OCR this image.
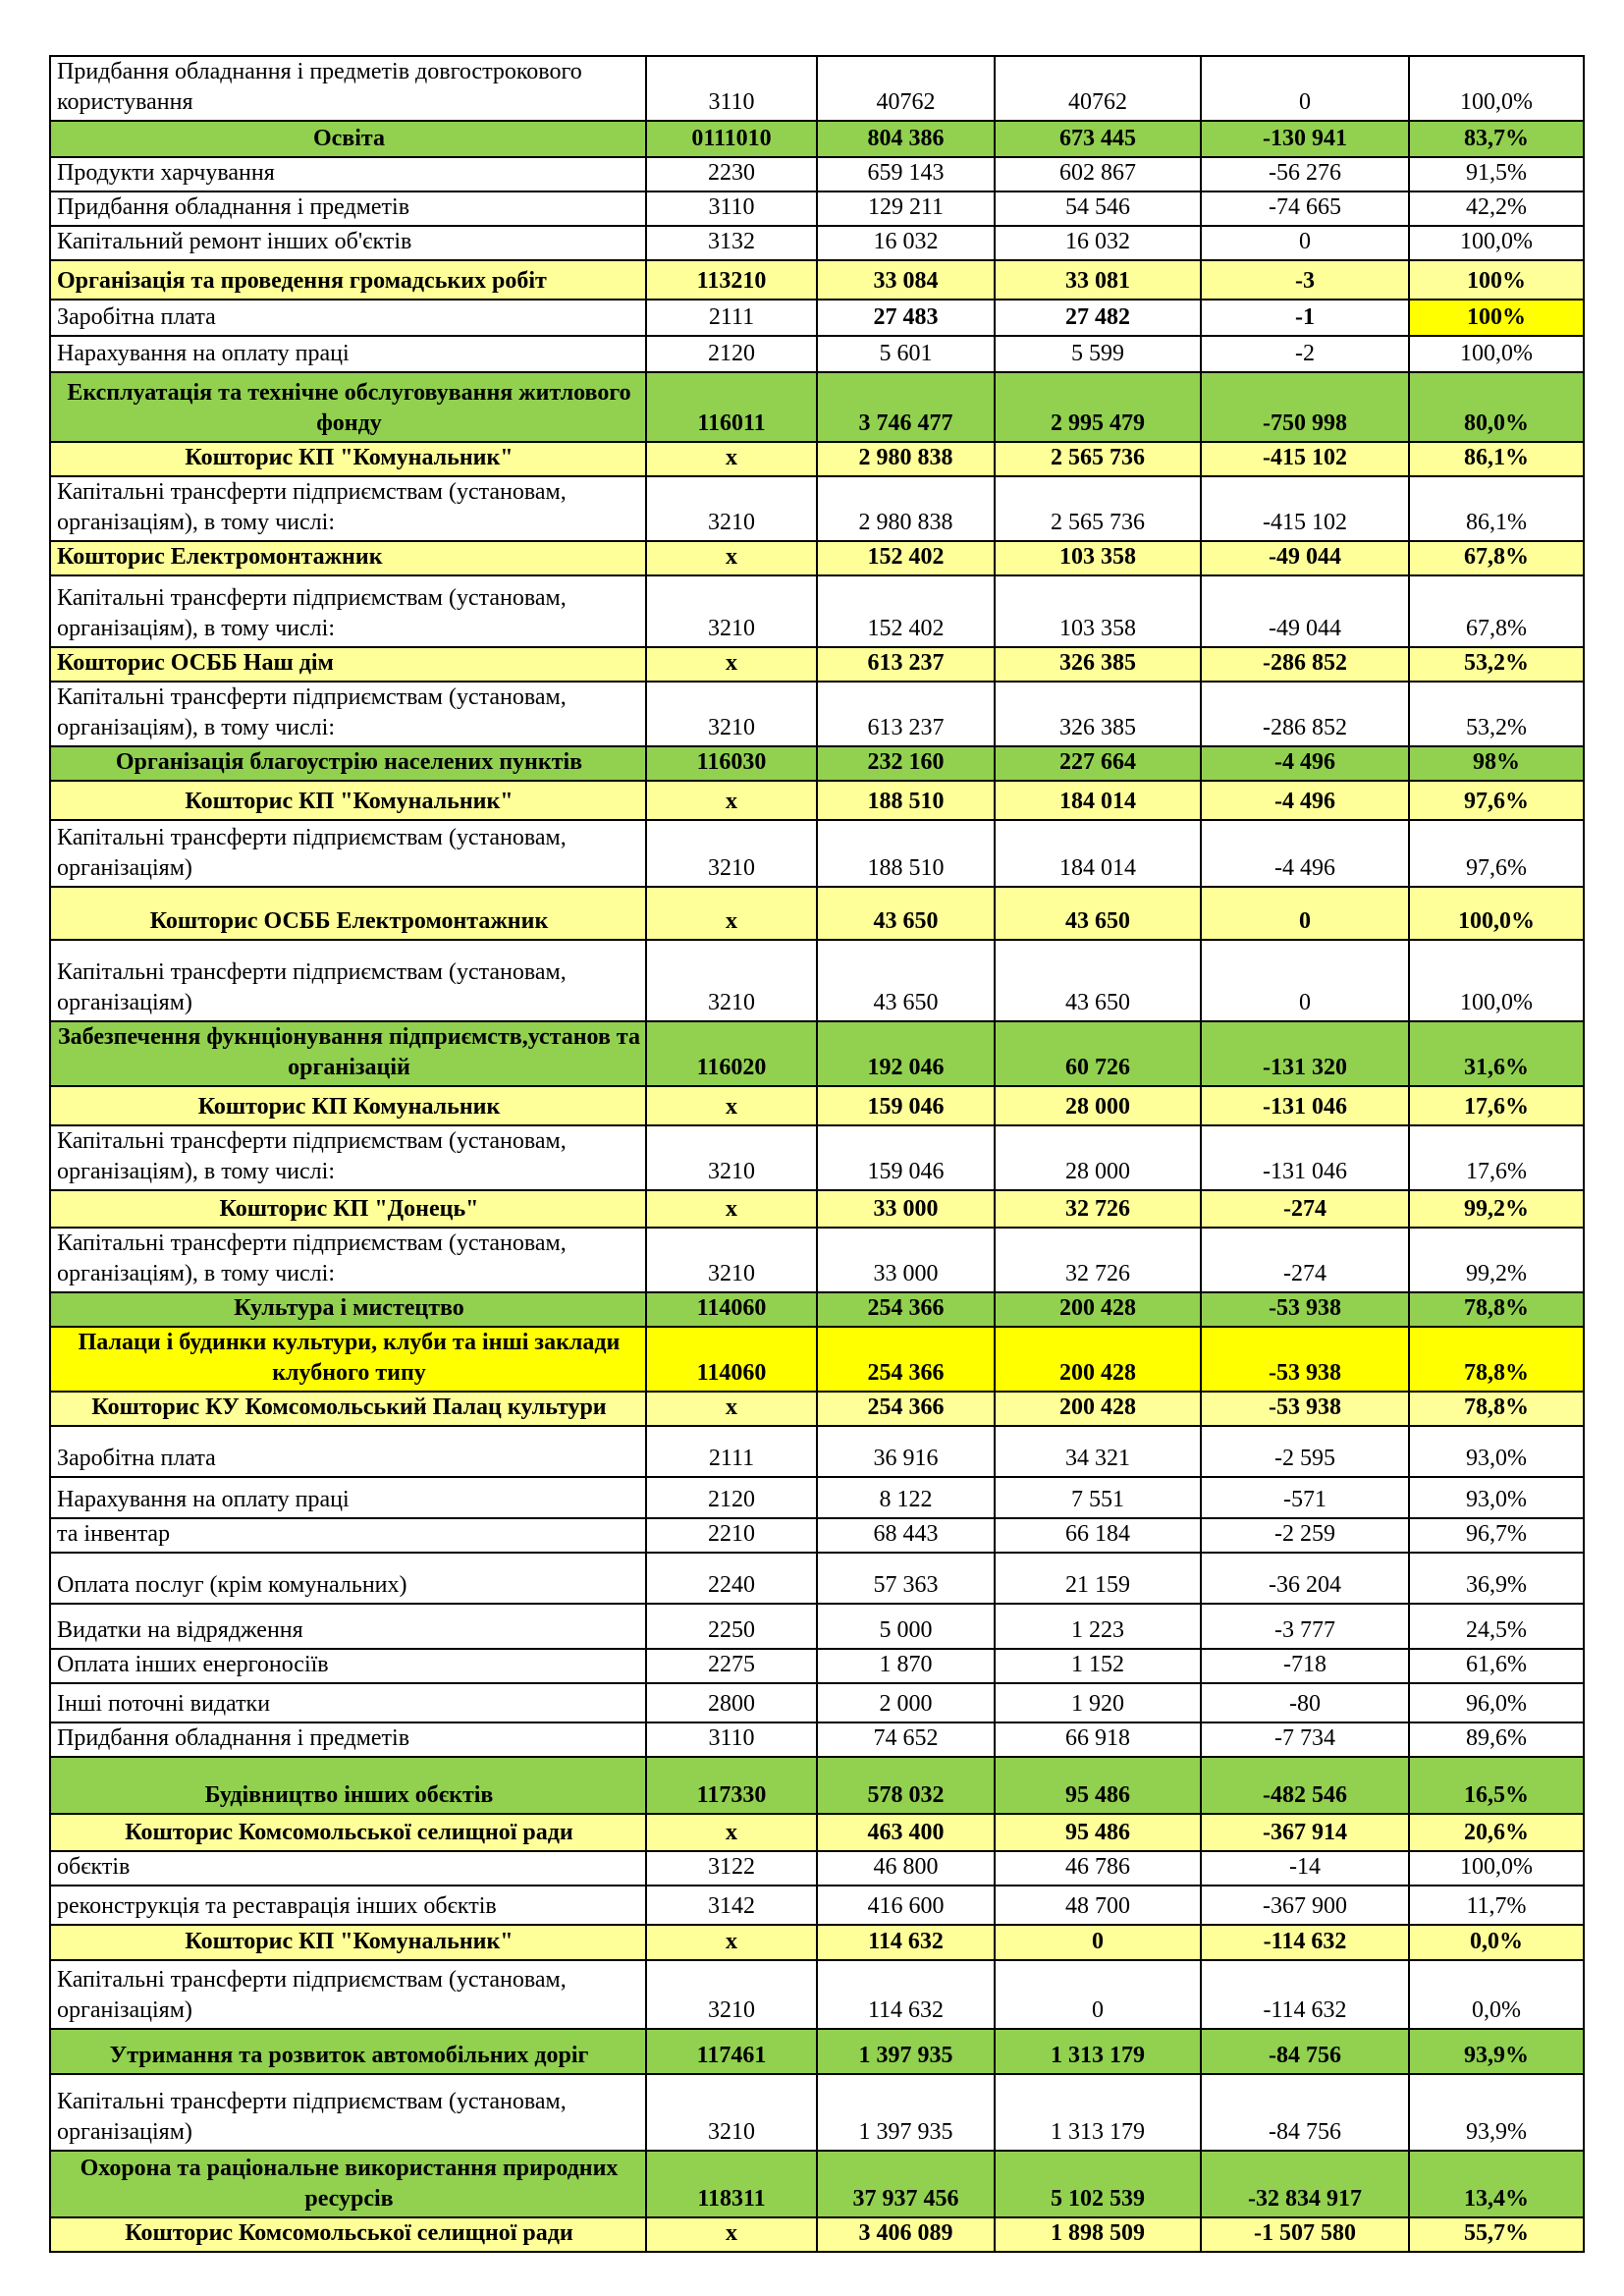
Придбання обладнання і предметів довгострокового користування	3110	40762	40762	0	100,0%
Освіта	0111010	804 386	673 445	-130 941	83,7%
Продукти харчування	2230	659 143	602 867	-56 276	91,5%
Придбання обладнання і предметів	3110	129 211	54 546	-74 665	42,2%
Капітальний ремонт інших об'єктів	3132	16 032	16 032	0	100,0%
Організація та проведення громадських робіт	113210	33 084	33 081	-3	100%
Заробітна плата	2111	27 483	27 482	-1	100%
Нарахування на оплату праці	2120	5 601	5 599	-2	100,0%
Експлуатація та технічне обслуговування житлового фонду	116011	3 746 477	2 995 479	-750 998	80,0%
Кошторис КП "Комунальник"	х	2 980 838	2 565 736	-415 102	86,1%
Капітальні трансферти підприємствам (установам, організаціям), в тому числі:	3210	2 980 838	2 565 736	-415 102	86,1%
Кошторис Електромонтажник	х	152 402	103 358	-49 044	67,8%
Капітальні трансферти підприємствам (установам, організаціям), в тому числі:	3210	152 402	103 358	-49 044	67,8%
Кошторис ОСББ Наш дім	х	613 237	326 385	-286 852	53,2%
Капітальні трансферти підприємствам (установам, організаціям), в тому числі:	3210	613 237	326 385	-286 852	53,2%
Організація благоустрію населених пунктів	116030	232 160	227 664	-4 496	98%
Кошторис КП "Комунальник"	х	188 510	184 014	-4 496	97,6%
Капітальні трансферти підприємствам (установам, організаціям)	3210	188 510	184 014	-4 496	97,6%
Кошторис ОСББ Електромонтажник	х	43 650	43 650	0	100,0%
Капітальні трансферти підприємствам (установам, організаціям)	3210	43 650	43 650	0	100,0%
Забезпечення фукнціонування підприємств,установ та організацій	116020	192 046	60 726	-131 320	31,6%
Кошторис КП Комунальник	х	159 046	28 000	-131 046	17,6%
Капітальні трансферти підприємствам (установам, організаціям), в тому числі:	3210	159 046	28 000	-131 046	17,6%
Кошторис КП "Донець"	х	33 000	32 726	-274	99,2%
Капітальні трансферти підприємствам (установам, організаціям), в тому числі:	3210	33 000	32 726	-274	99,2%
Культура і мистецтво	114060	254 366	200 428	-53 938	78,8%
Палаци і будинки культури, клуби та інші заклади клубного типу	114060	254 366	200 428	-53 938	78,8%
Кошторис КУ Комсомольський Палац культури	х	254 366	200 428	-53 938	78,8%
Заробітна плата	2111	36 916	34 321	-2 595	93,0%
Нарахування на оплату праці	2120	8 122	7 551	-571	93,0%
та інвентар	2210	68 443	66 184	-2 259	96,7%
Оплата послуг (крім комунальних)	2240	57 363	21 159	-36 204	36,9%
Видатки на відрядження	2250	5 000	1 223	-3 777	24,5%
Оплата інших енергоносіїв	2275	1 870	1 152	-718	61,6%
Інші поточні видатки	2800	2 000	1 920	-80	96,0%
Придбання обладнання і предметів	3110	74 652	66 918	-7 734	89,6%
Будівництво інших обєктів	117330	578 032	95 486	-482 546	16,5%
Кошторис Комсомольської селищної ради	х	463 400	95 486	-367 914	20,6%
обєктів	3122	46 800	46 786	-14	100,0%
реконструкція та реставрація інших обєктів	3142	416 600	48 700	-367 900	11,7%
Кошторис КП "Комунальник"	х	114 632	0	-114 632	0,0%
Капітальні трансферти підприємствам (установам, організаціям)	3210	114 632	0	-114 632	0,0%
Утримання та розвиток автомобільних доріг	117461	1 397 935	1 313 179	-84 756	93,9%
Капітальні трансферти підприємствам (установам, організаціям)	3210	1 397 935	1 313 179	-84 756	93,9%
Охорона та раціональне використання природних ресурсів	118311	37 937 456	5 102 539	-32 834 917	13,4%
Кошторис Комсомольської селищної ради	х	3 406 089	1 898 509	-1 507 580	55,7%
